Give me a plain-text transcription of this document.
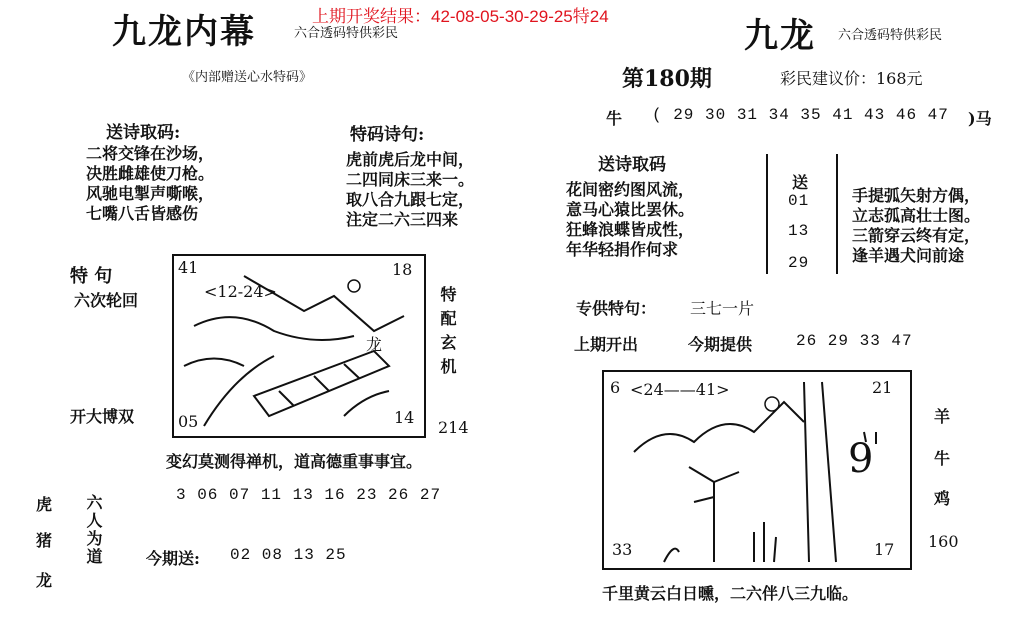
九龙内幕	六合透码特供彩民
上期开奖结果：42-08-05-30-29-25特24
《内部赠送心水特码》
送诗取码:
二将交锋在沙场，
决胜雌雄使刀枪。
风驰电掣声嘶喉，
七嘴八舌皆感伤
特码诗句:
虎前虎后龙中间，
二四同床三来一。
取八合九跟七定，
注定二六三四来
特 句
六次轮回
开大博双
41	18
<12-24>
05	14
龙	特配玄机
214
变幻莫测得禅机，道高德重事事宜。
3 06 07 11 13 16 23 26 27
虎
猪
龙
六人为道	今期送: 02 08 13 25
九龙 六合透码特供彩民
第180期	彩民建议价：168元
牛 ( 29 30 31 34 35 41 43 46 47 )马
送诗取码
花间密约图风流，
意马心猿比罢休。
狂蜂浪蝶皆成性，
年华轻捐作何求
送
01
13
29
手提弧矢射方偶，
立志孤高壮士图。
三箭穿云终有定，
逢羊遇犬问前途
专供特句： 三七一片
上期开出	今期提供	26 29 33 47
6 <24——41>	21
9
33	17
羊
牛
鸡
160
千里黄云白日曛，二六伴八三九临。
